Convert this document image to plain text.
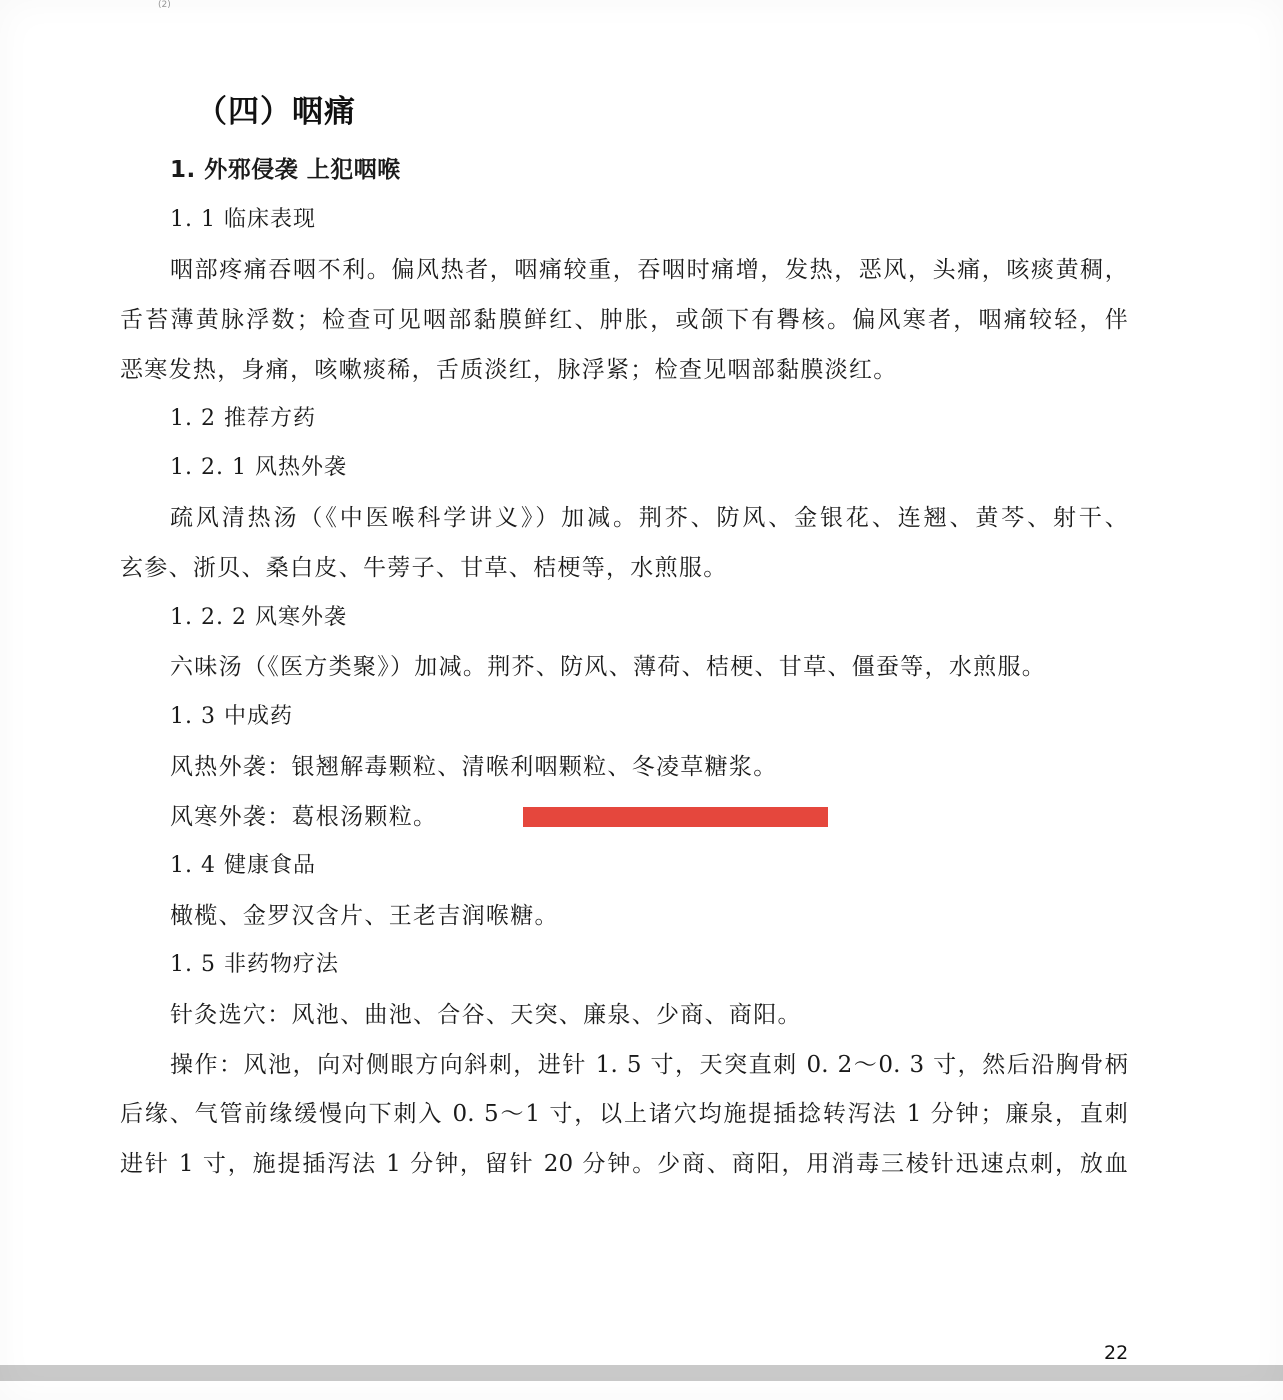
(2)
（四）咽痛
1. 外邪侵袭 上犯咽喉
1. 1 临床表现
咽部疼痛吞咽不利。偏风热者，咽痛较重，吞咽时痛增，发热，恶风，头痛，咳痰黄稠，
舌苔薄黄脉浮数；检查可见咽部黏膜鲜红、肿胀，或颌下有臖核。偏风寒者，咽痛较轻，伴
恶寒发热，身痛，咳嗽痰稀，舌质淡红，脉浮紧；检查见咽部黏膜淡红。
1. 2 推荐方药
1. 2. 1 风热外袭
疏风清热汤（《中医喉科学讲义》）加减。荆芥、防风、金银花、连翘、黄芩、射干、
玄参、浙贝、桑白皮、牛蒡子、甘草、桔梗等，水煎服。
1. 2. 2 风寒外袭
六味汤（《医方类聚》）加减。荆芥、防风、薄荷、桔梗、甘草、僵蚕等，水煎服。
1. 3 中成药
风热外袭：银翘解毒颗粒、清喉利咽颗粒、冬凌草糖浆。
风寒外袭：葛根汤颗粒。
1. 4 健康食品
橄榄、金罗汉含片、王老吉润喉糖。
1. 5 非药物疗法
针灸选穴：风池、曲池、合谷、天突、廉泉、少商、商阳。
操作：风池，向对侧眼方向斜刺，进针 1. 5 寸，天突直刺 0. 2～0. 3 寸，然后沿胸骨柄
后缘、气管前缘缓慢向下刺入 0. 5～1 寸，以上诸穴均施提插捻转泻法 1 分钟；廉泉，直刺
进针 1 寸，施提插泻法 1 分钟，留针 20 分钟。少商、商阳，用消毒三棱针迅速点刺，放血
22
